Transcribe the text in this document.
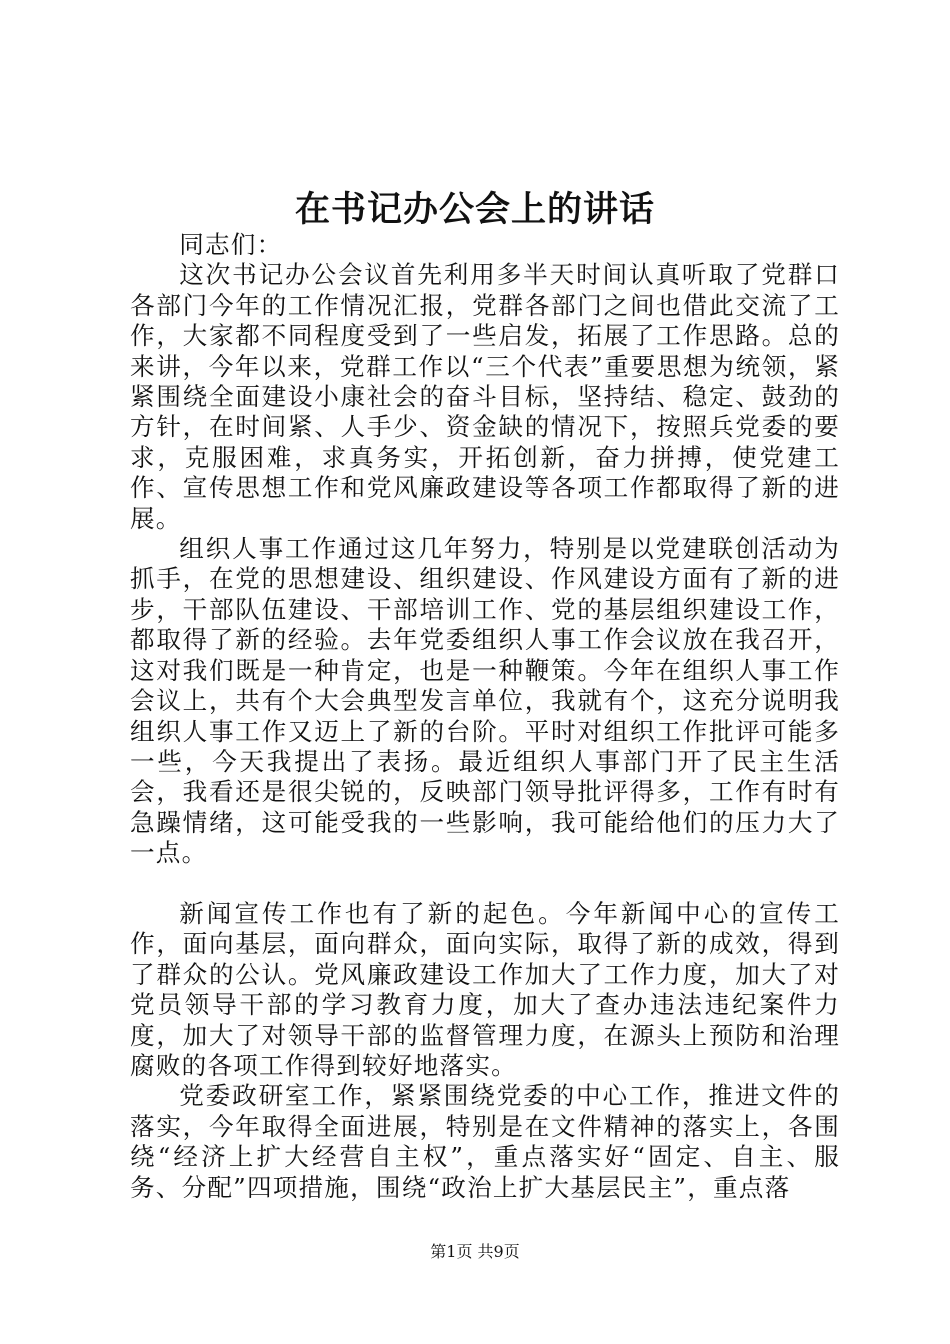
在书记办公会上的讲话

同志们：

这次书记办公会议首先利用多半天时间认真听取了党群口各部门今年的工作情况汇报，党群各部门之间也借此交流了工作，大家都不同程度受到了一些启发，拓展了工作思路。总的来讲，今年以来，党群工作以“三个代表”重要思想为统领，紧紧围绕全面建设小康社会的奋斗目标，坚持结、稳定、鼓劲的方针，在时间紧、人手少、资金缺的情况下，按照兵党委的要求，克服困难，求真务实，开拓创新，奋力拼搏，使党建工作、宣传思想工作和党风廉政建设等各项工作都取得了新的进展。

组织人事工作通过这几年努力，特别是以党建联创活动为抓手，在党的思想建设、组织建设、作风建设方面有了新的进步，干部队伍建设、干部培训工作、党的基层组织建设工作，都取得了新的经验。去年党委组织人事工作会议放在我召开，这对我们既是一种肯定，也是一种鞭策。今年在组织人事工作会议上，共有个大会典型发言单位，我就有个，这充分说明我组织人事工作又迈上了新的台阶。平时对组织工作批评可能多一些，今天我提出了表扬。最近组织人事部门开了民主生活会，我看还是很尖锐的，反映部门领导批评得多，工作有时有急躁情绪，这可能受我的一些影响，我可能给他们的压力大了一点。

新闻宣传工作也有了新的起色。今年新闻中心的宣传工作，面向基层，面向群众，面向实际，取得了新的成效，得到了群众的公认。党风廉政建设工作加大了工作力度，加大了对党员领导干部的学习教育力度，加大了查办违法违纪案件力度，加大了对领导干部的监督管理力度，在源头上预防和治理腐败的各项工作得到较好地落实。

党委政研室工作，紧紧围绕党委的中心工作，推进文件的落实，今年取得全面进展，特别是在文件精神的落实上，各围绕“经济上扩大经营自主权”，重点落实好“固定、自主、服务、分配”四项措施，围绕“政治上扩大基层民主”，重点落

第1页 共9页
